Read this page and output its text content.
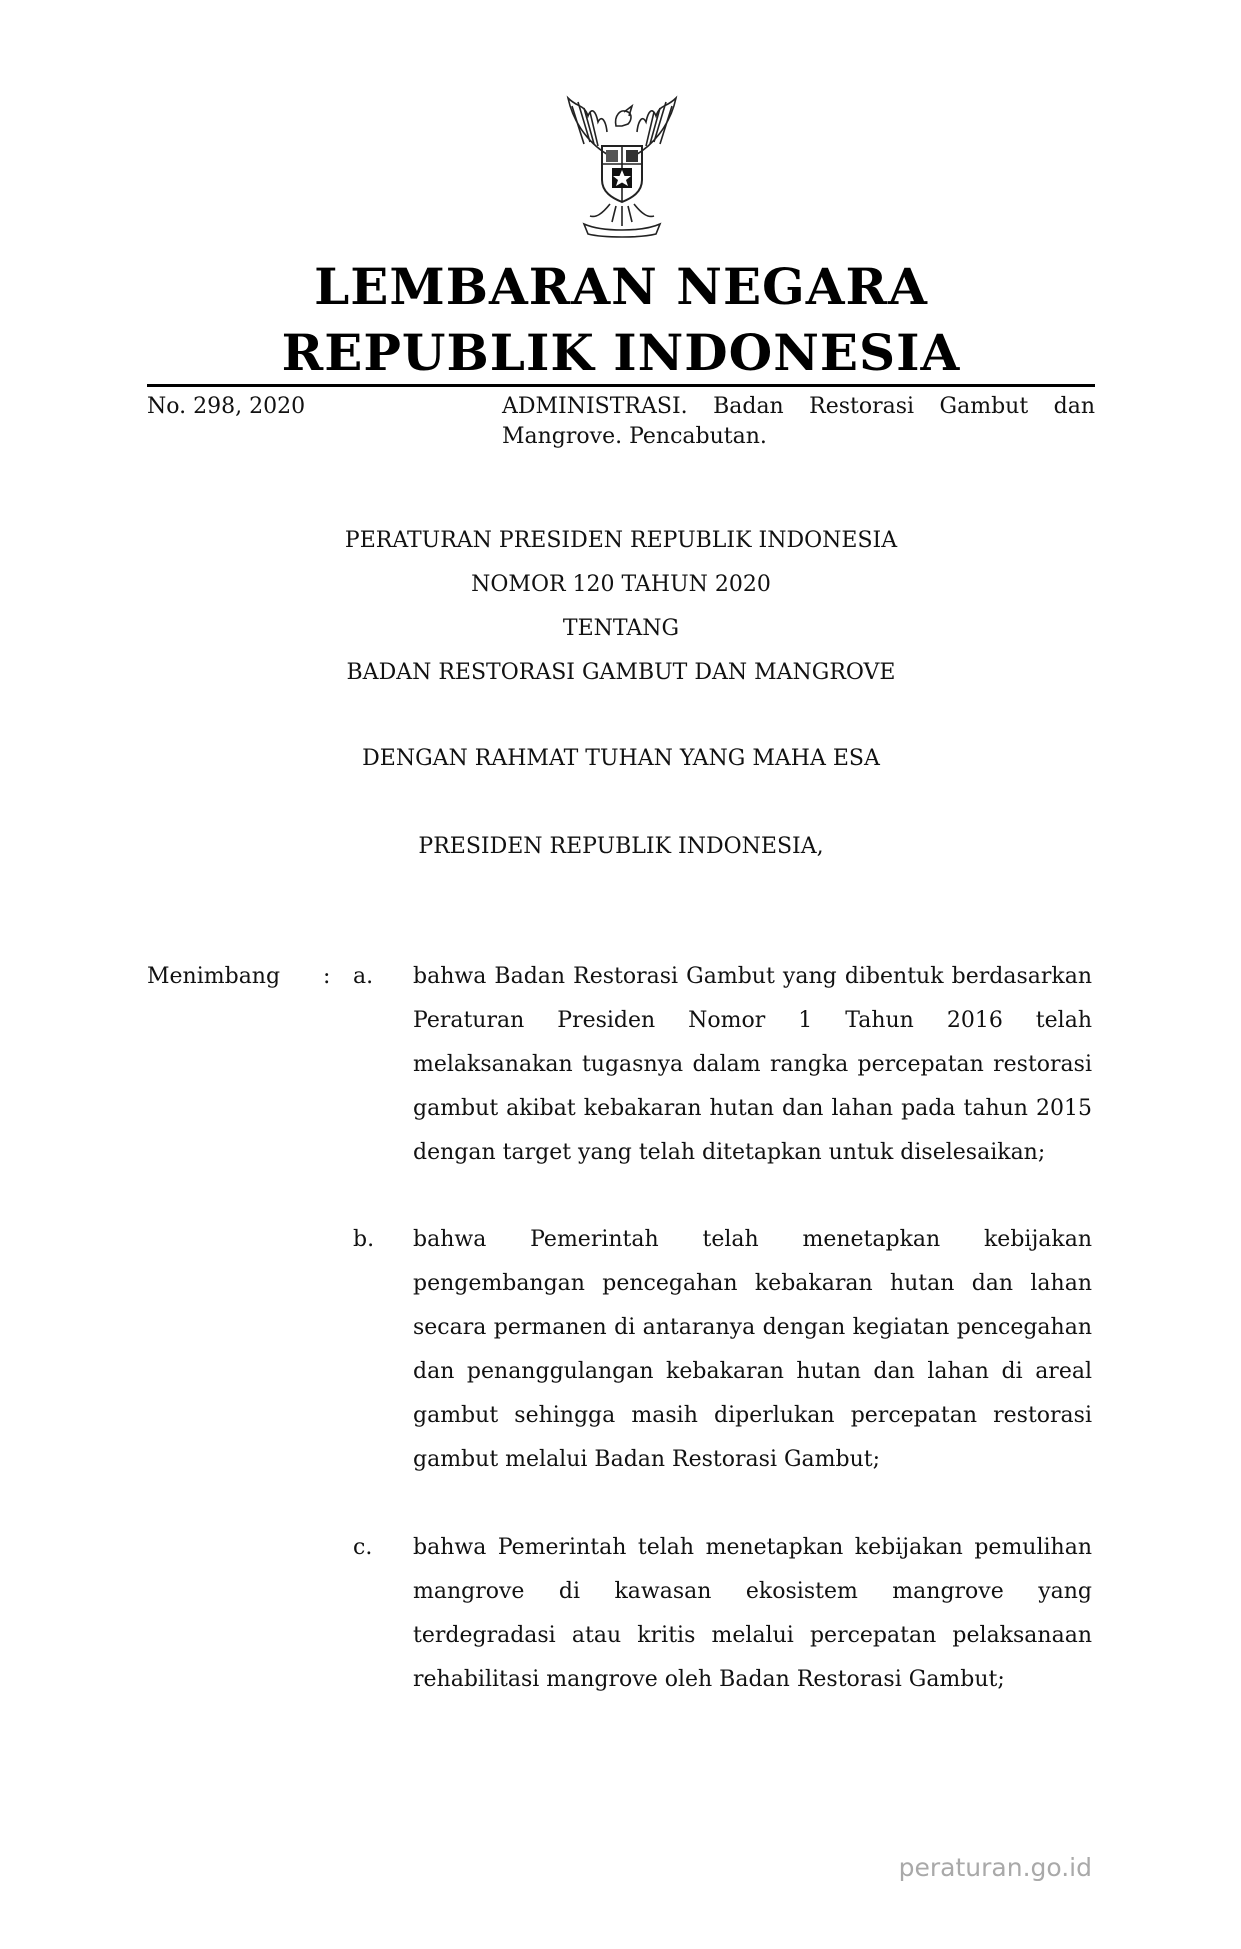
LEMBARAN NEGARA
REPUBLIK INDONESIA
No. 298, 2020	ADMINISTRASI. Badan Restorasi Gambut dan Mangrove. Pencabutan.
PERATURAN PRESIDEN REPUBLIK INDONESIA
NOMOR 120 TAHUN 2020
TENTANG
BADAN RESTORASI GAMBUT DAN MANGROVE
DENGAN RAHMAT TUHAN YANG MAHA ESA
PRESIDEN REPUBLIK INDONESIA,
Menimbang : a. bahwa Badan Restorasi Gambut yang dibentuk berdasarkan Peraturan Presiden Nomor 1 Tahun 2016 telah melaksanakan tugasnya dalam rangka percepatan restorasi gambut akibat kebakaran hutan dan lahan pada tahun 2015 dengan target yang telah ditetapkan untuk diselesaikan;
b. bahwa Pemerintah telah menetapkan kebijakan pengembangan pencegahan kebakaran hutan dan lahan secara permanen di antaranya dengan kegiatan pencegahan dan penanggulangan kebakaran hutan dan lahan di areal gambut sehingga masih diperlukan percepatan restorasi gambut melalui Badan Restorasi Gambut;
c. bahwa Pemerintah telah menetapkan kebijakan pemulihan mangrove di kawasan ekosistem mangrove yang terdegradasi atau kritis melalui percepatan pelaksanaan rehabilitasi mangrove oleh Badan Restorasi Gambut;
peraturan.go.id
